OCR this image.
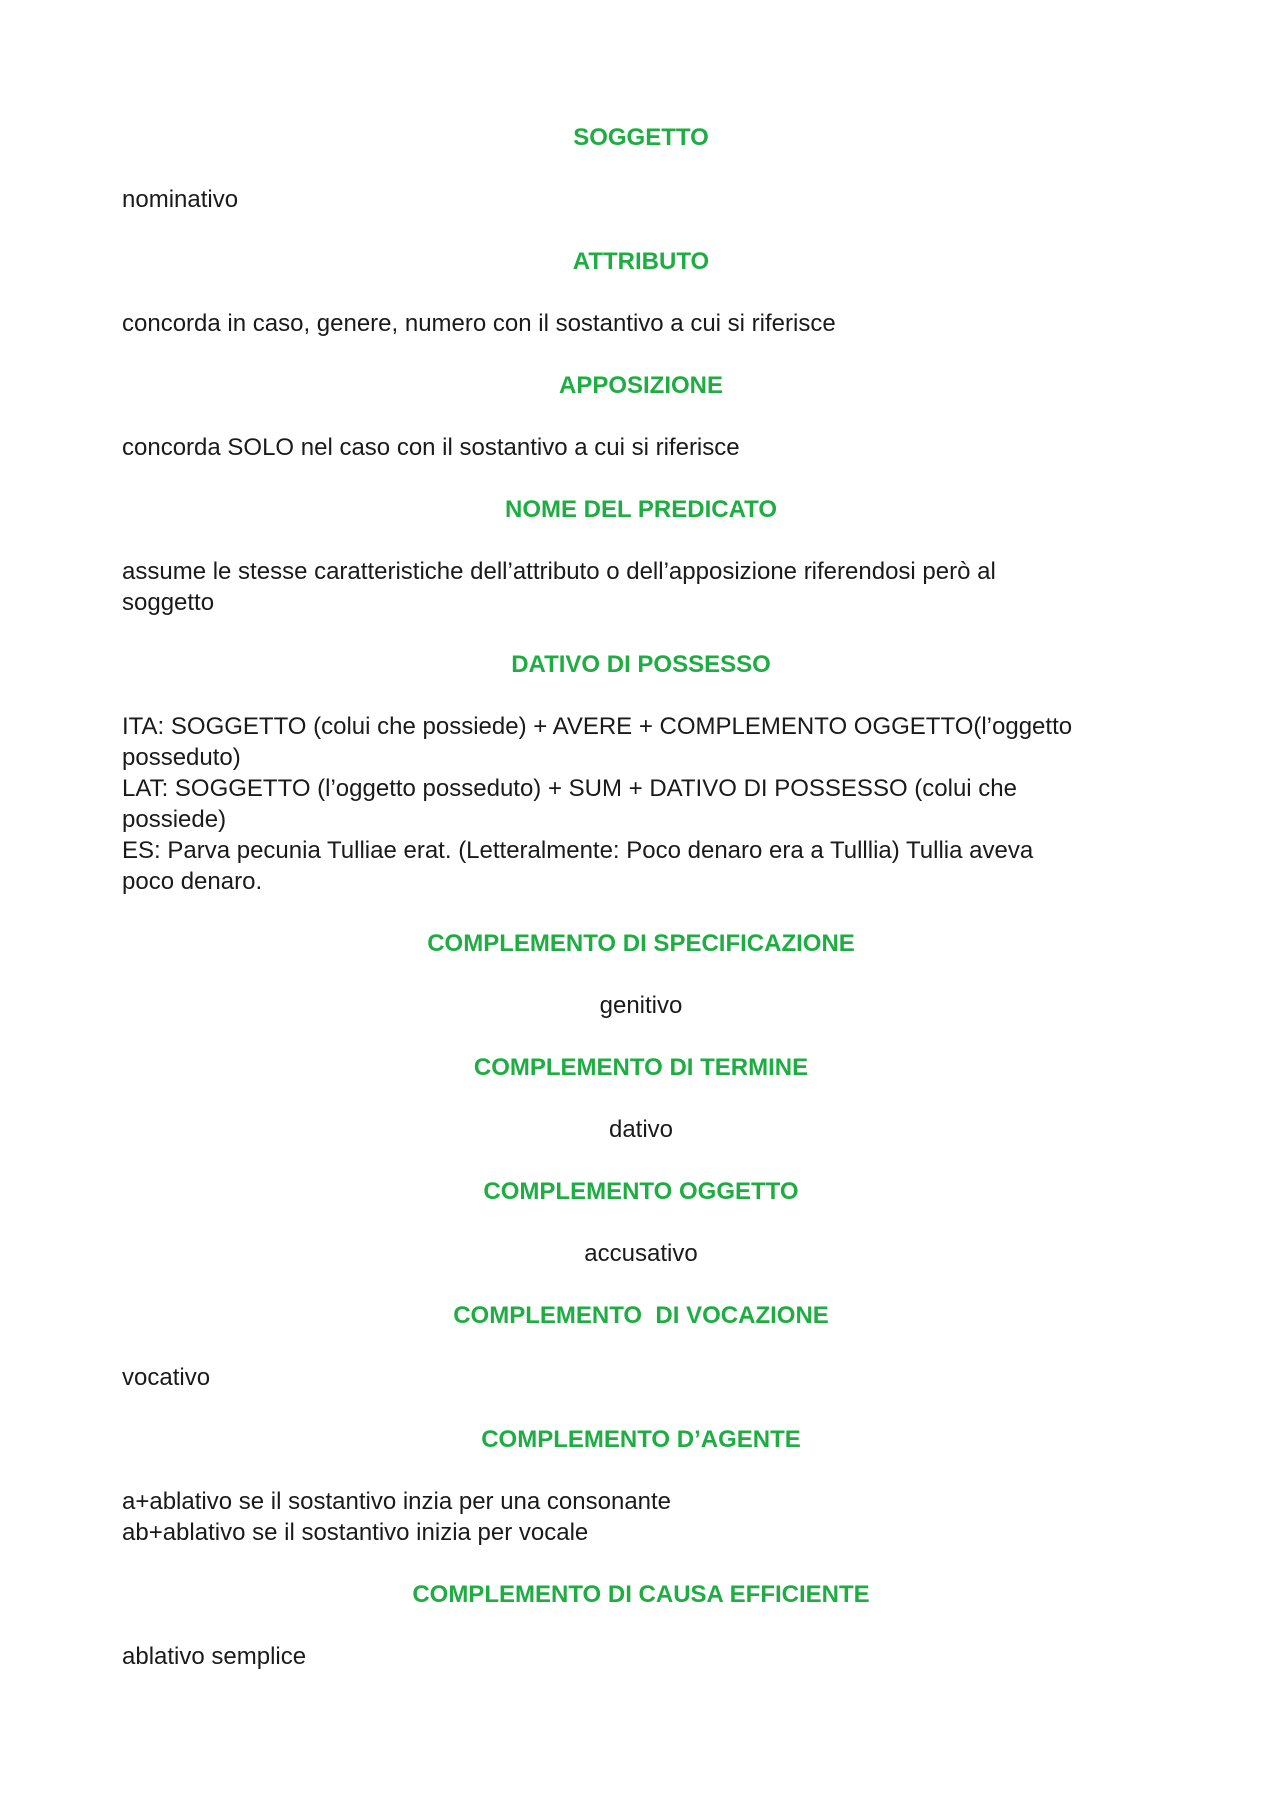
SOGGETTO
nominativo
ATTRIBUTO
concorda in caso, genere, numero con il sostantivo a cui si riferisce
APPOSIZIONE
concorda SOLO nel caso con il sostantivo a cui si riferisce
NOME DEL PREDICATO
assume le stesse caratteristiche dell’attributo o dell’apposizione riferendosi però al
soggetto
DATIVO DI POSSESSO
ITA: SOGGETTO (colui che possiede) + AVERE + COMPLEMENTO OGGETTO(l’oggetto
posseduto)
LAT: SOGGETTO (l’oggetto posseduto) + SUM + DATIVO DI POSSESSO (colui che
possiede)
ES: Parva pecunia Tulliae erat. (Letteralmente: Poco denaro era a Tulllia) Tullia aveva
poco denaro.
COMPLEMENTO DI SPECIFICAZIONE
genitivo
COMPLEMENTO DI TERMINE
dativo
COMPLEMENTO OGGETTO
accusativo
COMPLEMENTO  DI VOCAZIONE
vocativo
COMPLEMENTO D’AGENTE
a+ablativo se il sostantivo inzia per una consonante
ab+ablativo se il sostantivo inizia per vocale
COMPLEMENTO DI CAUSA EFFICIENTE
ablativo semplice
